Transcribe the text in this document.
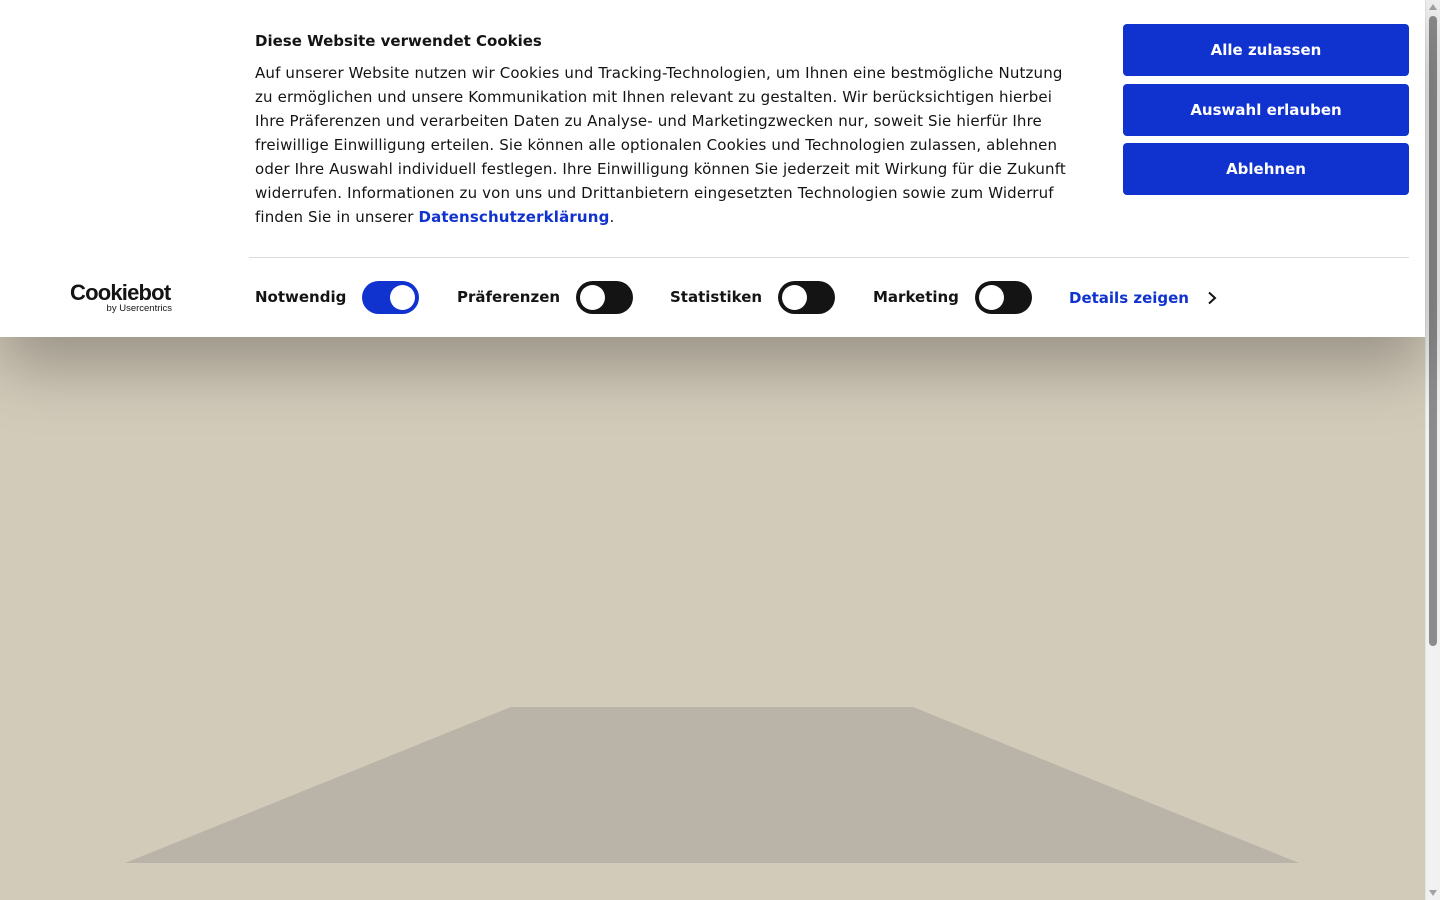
Cookiebot
by Usercentrics
Diese Website verwendet Cookies

Auf unserer Website nutzen wir Cookies und Tracking-Technologien, um Ihnen eine bestmögliche Nutzung zu ermöglichen und unsere Kommunikation mit Ihnen relevant zu gestalten. Wir berücksichtigen hierbei Ihre Präferenzen und verarbeiten Daten zu Analyse- und Marketingzwecken nur, soweit Sie hierfür Ihre freiwillige Einwilligung erteilen. Sie können alle optionalen Cookies und Technologien zulassen, ablehnen oder Ihre Auswahl individuell festlegen. Ihre Einwilligung können Sie jederzeit mit Wirkung für die Zukunft widerrufen. Informationen zu von uns und Drittanbietern eingesetzten Technologien sowie zum Widerruf finden Sie in unserer Datenschutzerklärung.

Alle zulassen
Auswahl erlauben
Ablehnen
Notwendig	Präferenzen	Statistiken	Marketing	Details zeigen
